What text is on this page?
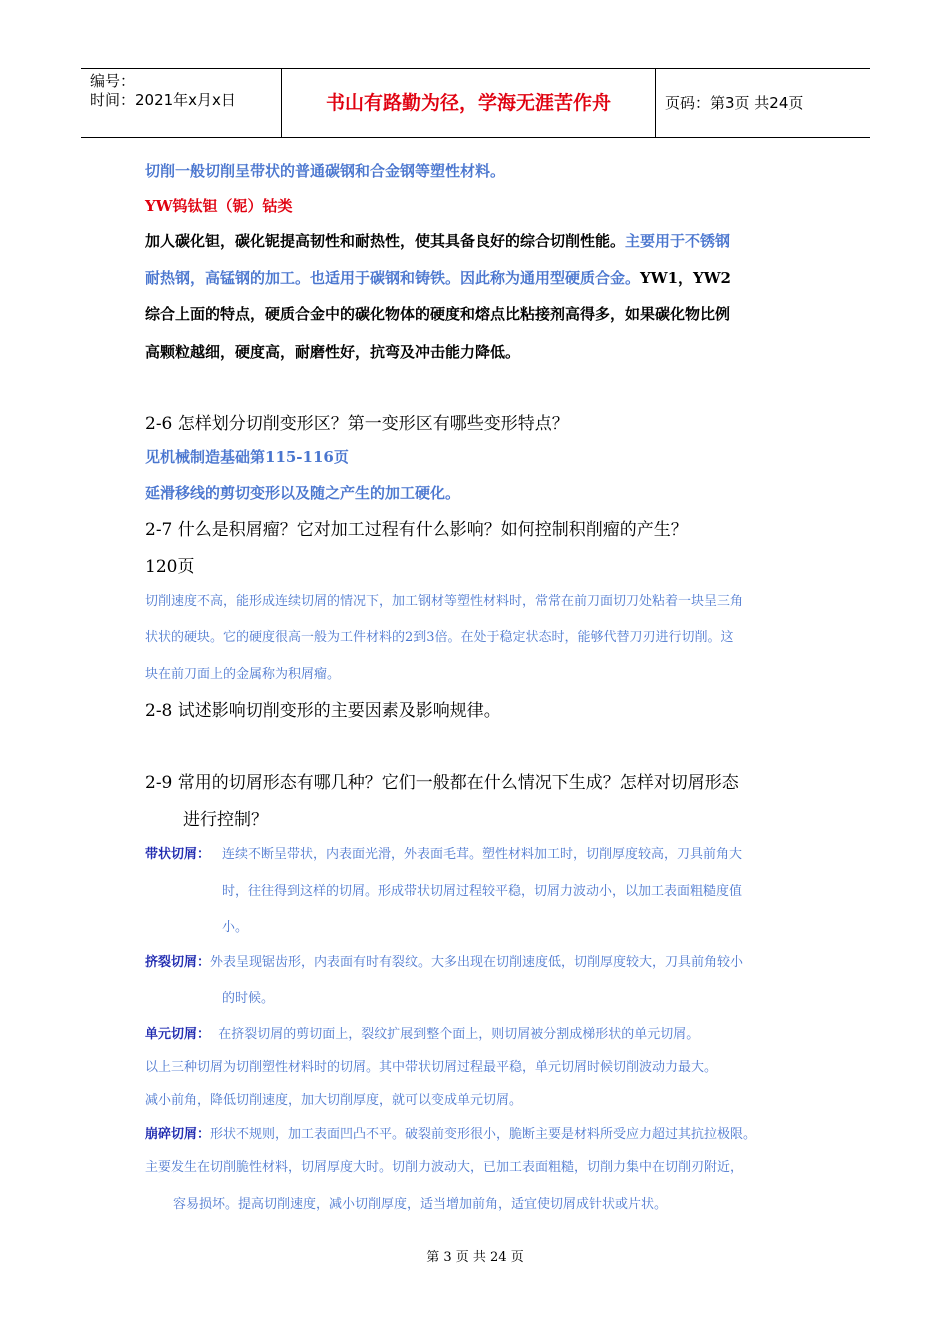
编号：
时间：2021年x月x日	书山有路勤为径，学海无涯苦作舟	页码：第3页 共24页
切削一般切削呈带状的普通碳钢和合金钢等塑性材料。
YW钨钛钽（铌）钴类
加人碳化钽，碳化铌提高韧性和耐热性，使其具备良好的综合切削性能。主要用于不锈钢
耐热钢，高锰钢的加工。也适用于碳钢和铸铁。因此称为通用型硬质合金。YW1，YW2
综合上面的特点，硬质合金中的碳化物体的硬度和熔点比粘接剂高得多，如果碳化物比例
高颗粒越细，硬度高，耐磨性好，抗弯及冲击能力降低。
2-6 怎样划分切削变形区？第一变形区有哪些变形特点？
见机械制造基础第115-116页
延滑移线的剪切变形以及随之产生的加工硬化。
2-7 什么是积屑瘤？它对加工过程有什么影响？如何控制积削瘤的产生？
120页
切削速度不高，能形成连续切屑的情况下，加工钢材等塑性材料时，常常在前刀面切刀处粘着一块呈三角
状状的硬块。它的硬度很高一般为工件材料的2到3倍。在处于稳定状态时，能够代替刀刃进行切削。这
块在前刀面上的金属称为积屑瘤。
2-8 试述影响切削变形的主要因素及影响规律。
2-9 常用的切屑形态有哪几种？它们一般都在什么情况下生成？怎样对切屑形态
进行控制？
带状切屑： 连续不断呈带状，内表面光滑，外表面毛茸。塑性材料加工时，切削厚度较高，刀具前角大
时，往往得到这样的切屑。形成带状切屑过程较平稳，切屑力波动小，以加工表面粗糙度值
小。
挤裂切屑：外表呈现锯齿形，内表面有时有裂纹。大多出现在切削速度低，切削厚度较大，刀具前角较小
的时候。
单元切屑： 在挤裂切屑的剪切面上，裂纹扩展到整个面上，则切屑被分割成梯形状的单元切屑。
以上三种切屑为切削塑性材料时的切屑。其中带状切屑过程最平稳，单元切屑时候切削波动力最大。
减小前角，降低切削速度，加大切削厚度，就可以变成单元切屑。
崩碎切屑：形状不规则，加工表面凹凸不平。破裂前变形很小，脆断主要是材料所受应力超过其抗拉极限。
主要发生在切削脆性材料，切屑厚度大时。切削力波动大，已加工表面粗糙，切削力集中在切削刃附近，
容易损坏。提高切削速度，减小切削厚度，适当增加前角，适宜使切屑成针状或片状。
第 3 页 共 24 页
